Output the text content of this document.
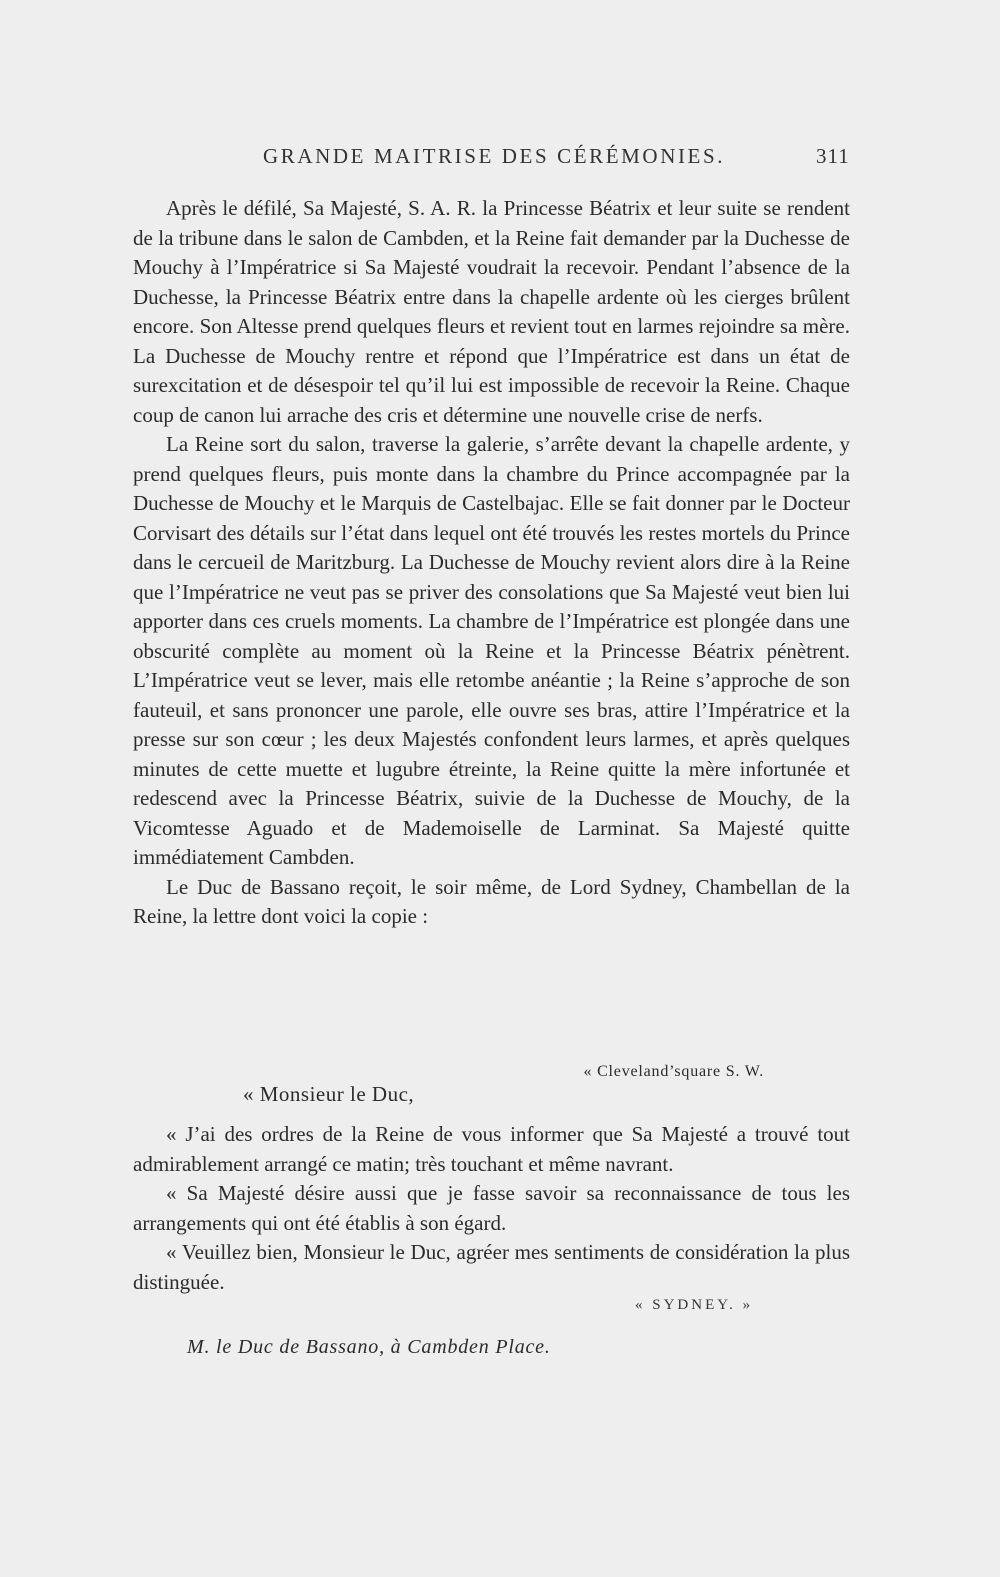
GRANDE MAITRISE DES CÉRÉMONIES.	311

Après le défilé, Sa Majesté, S. A. R. la Princesse Béatrix et leur suite se rendent de la tribune dans le salon de Cambden, et la Reine fait demander par la Duchesse de Mouchy à l’Impératrice si Sa Majesté voudrait la recevoir. Pendant l’absence de la Duchesse, la Princesse Béatrix entre dans la chapelle ardente où les cierges brûlent encore. Son Altesse prend quelques fleurs et revient tout en larmes rejoindre sa mère. La Duchesse de Mouchy rentre et répond que l’Impératrice est dans un état de surexcitation et de désespoir tel qu’il lui est impossible de recevoir la Reine. Chaque coup de canon lui arrache des cris et détermine une nouvelle crise de nerfs.

La Reine sort du salon, traverse la galerie, s’arrête devant la chapelle ardente, y prend quelques fleurs, puis monte dans la chambre du Prince accompagnée par la Duchesse de Mouchy et le Marquis de Castelbajac. Elle se fait donner par le Docteur Corvisart des détails sur l’état dans lequel ont été trouvés les restes mortels du Prince dans le cercueil de Maritzburg. La Duchesse de Mouchy revient alors dire à la Reine que l’Impératrice ne veut pas se priver des consolations que Sa Majesté veut bien lui apporter dans ces cruels moments. La chambre de l’Impératrice est plongée dans une obscurité complète au moment où la Reine et la Princesse Béatrix pénètrent. L’Impératrice veut se lever, mais elle retombe anéantie ; la Reine s’approche de son fauteuil, et sans prononcer une parole, elle ouvre ses bras, attire l’Impératrice et la presse sur son cœur ; les deux Majestés confondent leurs larmes, et après quelques minutes de cette muette et lugubre étreinte, la Reine quitte la mère infortunée et redescend avec la Princesse Béatrix, suivie de la Duchesse de Mouchy, de la Vicomtesse Aguado et de Mademoiselle de Larminat. Sa Majesté quitte immédiatement Cambden.

Le Duc de Bassano reçoit, le soir même, de Lord Sydney, Chambellan de la Reine, la lettre dont voici la copie :

« Cleveland’square S. W.
« Monsieur le Duc,

« J’ai des ordres de la Reine de vous informer que Sa Majesté a trouvé tout admirablement arrangé ce matin; très touchant et même navrant.

« Sa Majesté désire aussi que je fasse savoir sa reconnaissance de tous les arrangements qui ont été établis à son égard.

« Veuillez bien, Monsieur le Duc, agréer mes sentiments de considération la plus distinguée.

« SYDNEY. »
M. le Duc de Bassano, à Cambden Place.
